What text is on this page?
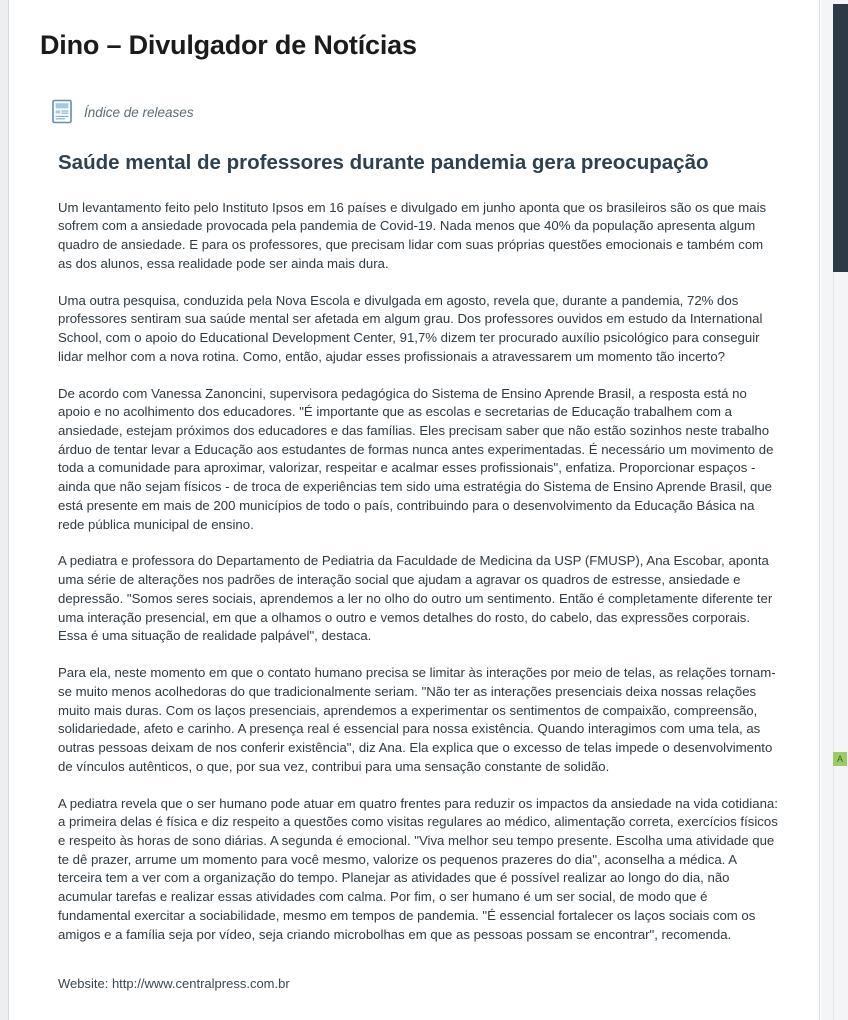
A
Dino – Divulgador de Notícias
Índice de releases
Saúde mental de professores durante pandemia gera preocupação

Um levantamento feito pelo Instituto Ipsos em 16 países e divulgado em junho aponta que os brasileiros são os que mais sofrem com a ansiedade provocada pela pandemia de Covid-19. Nada menos que 40% da população apresenta algum quadro de ansiedade. E para os professores, que precisam lidar com suas próprias questões emocionais e também com as dos alunos, essa realidade pode ser ainda mais dura.

Uma outra pesquisa, conduzida pela Nova Escola e divulgada em agosto, revela que, durante a pandemia, 72% dos professores sentiram sua saúde mental ser afetada em algum grau. Dos professores ouvidos em estudo da International School, com o apoio do Educational Development Center, 91,7% dizem ter procurado auxílio psicológico para conseguir lidar melhor com a nova rotina. Como, então, ajudar esses profissionais a atravessarem um momento tão incerto?

De acordo com Vanessa Zanoncini, supervisora pedagógica do Sistema de Ensino Aprende Brasil, a resposta está no apoio e no acolhimento dos educadores. "É importante que as escolas e secretarias de Educação trabalhem com a ansiedade, estejam próximos dos educadores e das famílias. Eles precisam saber que não estão sozinhos neste trabalho árduo de tentar levar a Educação aos estudantes de formas nunca antes experimentadas. É necessário um movimento de toda a comunidade para aproximar, valorizar, respeitar e acalmar esses profissionais", enfatiza. Proporcionar espaços - ainda que não sejam físicos - de troca de experiências tem sido uma estratégia do Sistema de Ensino Aprende Brasil, que está presente em mais de 200 municípios de todo o país, contribuindo para o desenvolvimento da Educação Básica na rede pública municipal de ensino.

A pediatra e professora do Departamento de Pediatria da Faculdade de Medicina da USP (FMUSP), Ana Escobar, aponta uma série de alterações nos padrões de interação social que ajudam a agravar os quadros de estresse, ansiedade e depressão. "Somos seres sociais, aprendemos a ler no olho do outro um sentimento. Então é completamente diferente ter uma interação presencial, em que a olhamos o outro e vemos detalhes do rosto, do cabelo, das expressões corporais. Essa é uma situação de realidade palpável", destaca.

Para ela, neste momento em que o contato humano precisa se limitar às interações por meio de telas, as relações tornam-se muito menos acolhedoras do que tradicionalmente seriam. "Não ter as interações presenciais deixa nossas relações muito mais duras. Com os laços presenciais, aprendemos a experimentar os sentimentos de compaixão, compreensão, solidariedade, afeto e carinho. A presença real é essencial para nossa existência. Quando interagimos com uma tela, as outras pessoas deixam de nos conferir existência", diz Ana. Ela explica que o excesso de telas impede o desenvolvimento de vínculos autênticos, o que, por sua vez, contribui para uma sensação constante de solidão.

A pediatra revela que o ser humano pode atuar em quatro frentes para reduzir os impactos da ansiedade na vida cotidiana: a primeira delas é física e diz respeito a questões como visitas regulares ao médico, alimentação correta, exercícios físicos e respeito às horas de sono diárias. A segunda é emocional. "Viva melhor seu tempo presente. Escolha uma atividade que te dê prazer, arrume um momento para você mesmo, valorize os pequenos prazeres do dia", aconselha a médica. A terceira tem a ver com a organização do tempo. Planejar as atividades que é possível realizar ao longo do dia, não acumular tarefas e realizar essas atividades com calma. Por fim, o ser humano é um ser social, de modo que é fundamental exercitar a sociabilidade, mesmo em tempos de pandemia. "É essencial fortalecer os laços sociais com os amigos e a família seja por vídeo, seja criando microbolhas em que as pessoas possam se encontrar", recomenda.

Website: http://www.centralpress.com.br
